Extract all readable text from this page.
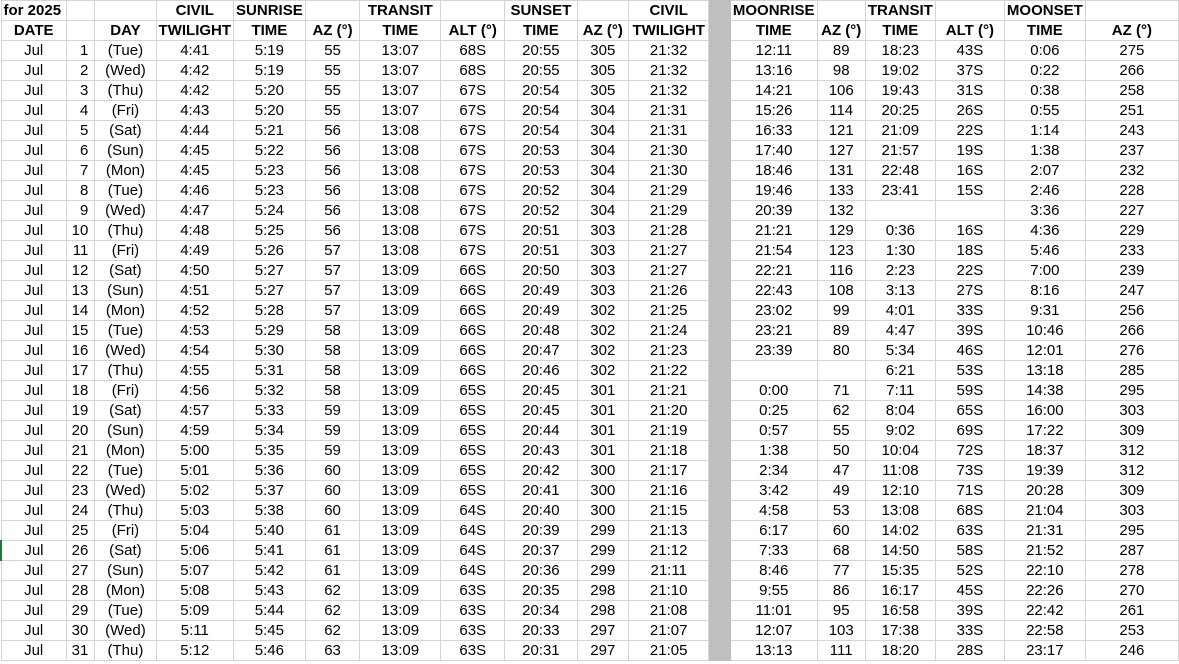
for 2025			CIVIL	SUNRISE		TRANSIT		SUNSET		CIVIL		MOONRISE		TRANSIT		MOONSET	
DATE		DAY	TWILIGHT	TIME	AZ (°)	TIME	ALT (°)	TIME	AZ (°)	TWILIGHT		TIME	AZ (°)	TIME	ALT (°)	TIME	AZ (°)
Jul	1	(Tue)	4:41	5:19	55	13:07	68S	20:55	305	21:32		12:11	89	18:23	43S	0:06	275
Jul	2	(Wed)	4:42	5:19	55	13:07	68S	20:55	305	21:32		13:16	98	19:02	37S	0:22	266
Jul	3	(Thu)	4:42	5:20	55	13:07	67S	20:54	305	21:32		14:21	106	19:43	31S	0:38	258
Jul	4	(Fri)	4:43	5:20	55	13:07	67S	20:54	304	21:31		15:26	114	20:25	26S	0:55	251
Jul	5	(Sat)	4:44	5:21	56	13:08	67S	20:54	304	21:31		16:33	121	21:09	22S	1:14	243
Jul	6	(Sun)	4:45	5:22	56	13:08	67S	20:53	304	21:30		17:40	127	21:57	19S	1:38	237
Jul	7	(Mon)	4:45	5:23	56	13:08	67S	20:53	304	21:30		18:46	131	22:48	16S	2:07	232
Jul	8	(Tue)	4:46	5:23	56	13:08	67S	20:52	304	21:29		19:46	133	23:41	15S	2:46	228
Jul	9	(Wed)	4:47	5:24	56	13:08	67S	20:52	304	21:29		20:39	132			3:36	227
Jul	10	(Thu)	4:48	5:25	56	13:08	67S	20:51	303	21:28		21:21	129	0:36	16S	4:36	229
Jul	11	(Fri)	4:49	5:26	57	13:08	67S	20:51	303	21:27		21:54	123	1:30	18S	5:46	233
Jul	12	(Sat)	4:50	5:27	57	13:09	66S	20:50	303	21:27		22:21	116	2:23	22S	7:00	239
Jul	13	(Sun)	4:51	5:27	57	13:09	66S	20:49	303	21:26		22:43	108	3:13	27S	8:16	247
Jul	14	(Mon)	4:52	5:28	57	13:09	66S	20:49	302	21:25		23:02	99	4:01	33S	9:31	256
Jul	15	(Tue)	4:53	5:29	58	13:09	66S	20:48	302	21:24		23:21	89	4:47	39S	10:46	266
Jul	16	(Wed)	4:54	5:30	58	13:09	66S	20:47	302	21:23		23:39	80	5:34	46S	12:01	276
Jul	17	(Thu)	4:55	5:31	58	13:09	66S	20:46	302	21:22				6:21	53S	13:18	285
Jul	18	(Fri)	4:56	5:32	58	13:09	65S	20:45	301	21:21		0:00	71	7:11	59S	14:38	295
Jul	19	(Sat)	4:57	5:33	59	13:09	65S	20:45	301	21:20		0:25	62	8:04	65S	16:00	303
Jul	20	(Sun)	4:59	5:34	59	13:09	65S	20:44	301	21:19		0:57	55	9:02	69S	17:22	309
Jul	21	(Mon)	5:00	5:35	59	13:09	65S	20:43	301	21:18		1:38	50	10:04	72S	18:37	312
Jul	22	(Tue)	5:01	5:36	60	13:09	65S	20:42	300	21:17		2:34	47	11:08	73S	19:39	312
Jul	23	(Wed)	5:02	5:37	60	13:09	65S	20:41	300	21:16		3:42	49	12:10	71S	20:28	309
Jul	24	(Thu)	5:03	5:38	60	13:09	64S	20:40	300	21:15		4:58	53	13:08	68S	21:04	303
Jul	25	(Fri)	5:04	5:40	61	13:09	64S	20:39	299	21:13		6:17	60	14:02	63S	21:31	295
Jul	26	(Sat)	5:06	5:41	61	13:09	64S	20:37	299	21:12		7:33	68	14:50	58S	21:52	287
Jul	27	(Sun)	5:07	5:42	61	13:09	64S	20:36	299	21:11		8:46	77	15:35	52S	22:10	278
Jul	28	(Mon)	5:08	5:43	62	13:09	63S	20:35	298	21:10		9:55	86	16:17	45S	22:26	270
Jul	29	(Tue)	5:09	5:44	62	13:09	63S	20:34	298	21:08		11:01	95	16:58	39S	22:42	261
Jul	30	(Wed)	5:11	5:45	62	13:09	63S	20:33	297	21:07		12:07	103	17:38	33S	22:58	253
Jul	31	(Thu)	5:12	5:46	63	13:09	63S	20:31	297	21:05		13:13	111	18:20	28S	23:17	246
